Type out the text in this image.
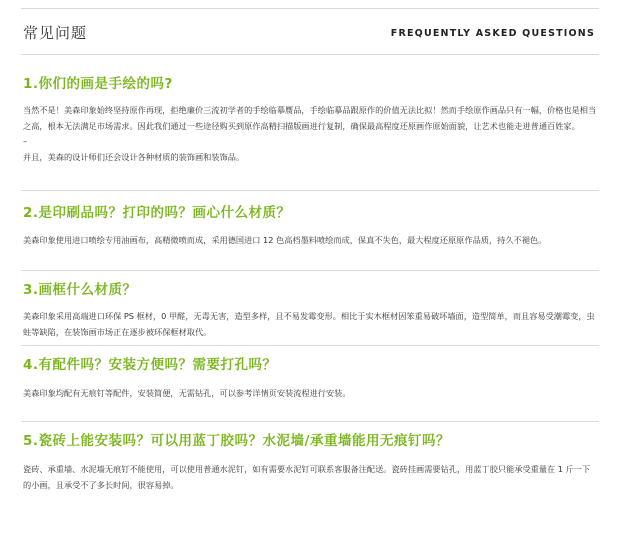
常见问题	FREQUENTLY ASKED QUESTIONS
1.你们的画是手绘的吗?

当然不是！美森印象始终坚持原作再现，拒绝廉价三流初学者的手绘临摹赝品，手绘临摹品跟原作的价值无法比拟！然而手绘原作画品只有一幅，价格也是相当之高，根本无法满足市场需求。因此我们通过一些途径购买到原作高精扫描版画进行复制，确保最高程度还原画作原始面貌，让艺术也能走进普通百姓家。

–

并且，美森的设计师们还会设计各种材质的装饰画和装饰品。

2.是印刷品吗？打印的吗？画心什么材质？

美森印象使用进口喷绘专用油画布，高精微喷而成，采用德国进口 12 色高档墨料喷绘而成，保真不失色，最大程度还原原作品质，持久不褪色。

3.画框什么材质？

美森印象采用高端进口环保 PS 框材，0 甲醛，无毒无害，造型多样，且不易发霉变形。相比于实木框材因笨重易破坏墙面，造型简单，而且容易受潮霉变，虫蛀等缺陷，在装饰画市场正在逐步被环保框材取代。

4.有配件吗？安装方便吗？需要打孔吗？

美森印象均配有无痕钉等配件，安装简便，无需钻孔，可以参考详情页安装流程进行安装。

5.瓷砖上能安装吗？可以用蓝丁胶吗？水泥墙/承重墙能用无痕钉吗？

瓷砖、承重墙、水泥墙无痕钉不能使用，可以使用普通水泥钉，如有需要水泥钉可联系客服备注配送。瓷砖挂画需要钻孔，用蓝丁胶只能承受重量在 1 斤一下的小画，且承受不了多长时间，很容易掉。
